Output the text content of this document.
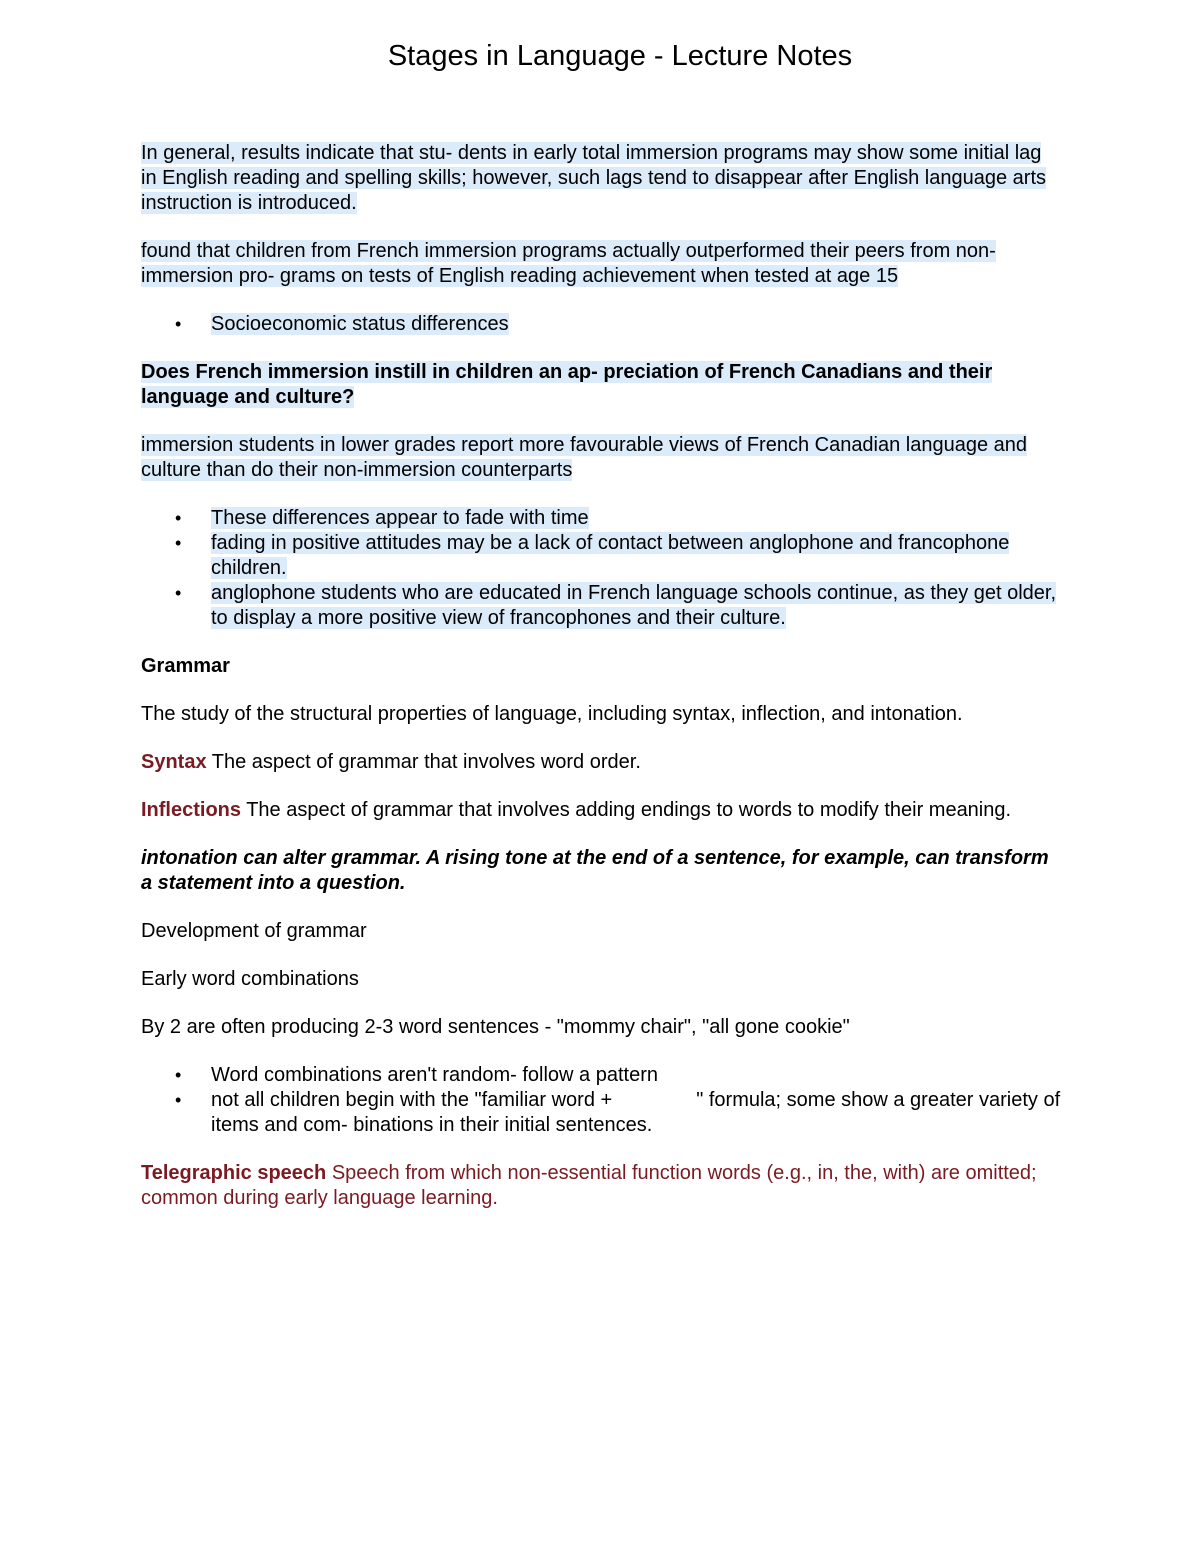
Stages in Language - Lecture Notes

In general, results indicate that stu- dents in early total immersion programs may show some initial lag in English reading and spelling skills; however, such lags tend to disappear after English language arts instruction is introduced.

found that children from French immersion programs actually outperformed their peers from non-immersion pro- grams on tests of English reading achievement when tested at age 15

• Socioeconomic status differences

Does French immersion instill in children an ap- preciation of French Canadians and their language and culture?

immersion students in lower grades report more favourable views of French Canadian language and culture than do their non-immersion counterparts

• These differences appear to fade with time
• fading in positive attitudes may be a lack of contact between anglophone and francophone children.
• anglophone students who are educated in French language schools continue, as they get older, to display a more positive view of francophones and their culture.

Grammar

The study of the structural properties of language, including syntax, inflection, and intonation.

Syntax The aspect of grammar that involves word order.

Inflections The aspect of grammar that involves adding endings to words to modify their meaning.

intonation can alter grammar. A rising tone at the end of a sentence, for example, can transform a statement into a question.

Development of grammar

Early word combinations

By 2 are often producing 2-3 word sentences - "mommy chair", "all gone cookie"

• Word combinations aren't random- follow a pattern
• not all children begin with the "familiar word +	" formula; some show a greater variety of items and com- binations in their initial sentences.

Telegraphic speech Speech from which non-essential function words (e.g., in, the, with) are omitted; common during early language learning.
